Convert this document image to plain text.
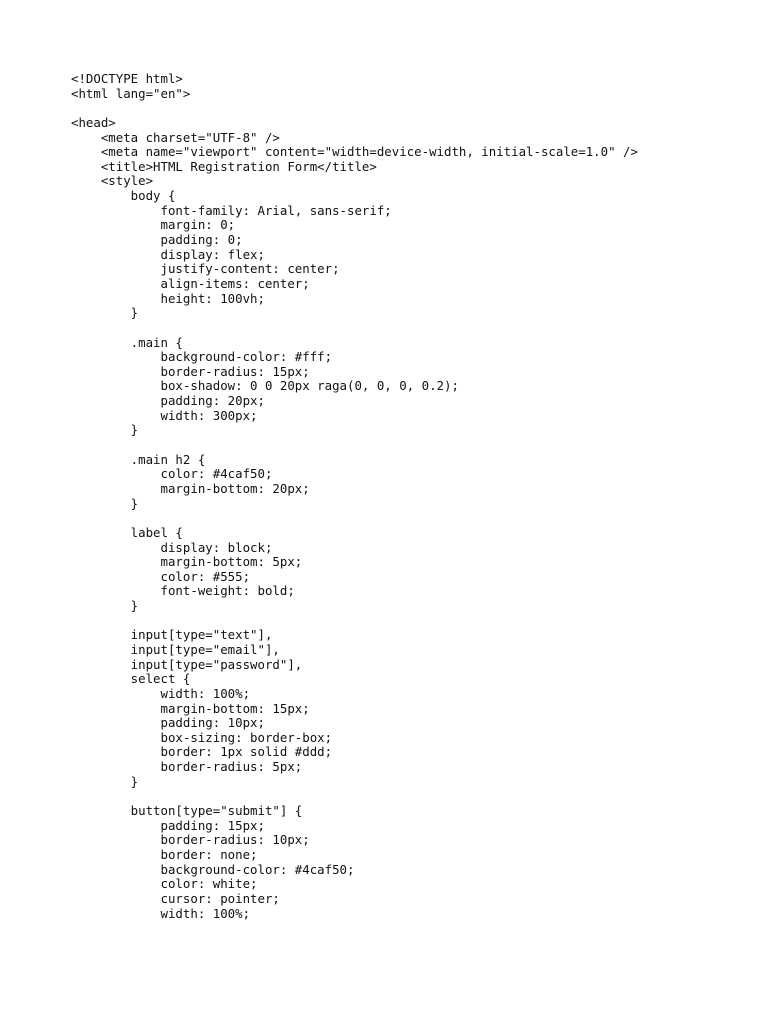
<!DOCTYPE html>
<html lang="en">
<head>
<meta charset="UTF-8" />
<meta name="viewport" content="width=device-width, initial-scale=1.0" />
<title>HTML Registration Form</title>
<style>
body {
font-family: Arial, sans-serif;
margin: 0;
padding: 0;
display: flex;
justify-content: center;
align-items: center;
height: 100vh;
}
.main {
background-color: #fff;
border-radius: 15px;
box-shadow: 0 0 20px raga(0, 0, 0, 0.2);
padding: 20px;
width: 300px;
}
.main h2 {
color: #4caf50;
margin-bottom: 20px;
}
label {
display: block;
margin-bottom: 5px;
color: #555;
font-weight: bold;
}
input[type="text"],
input[type="email"],
input[type="password"],
select {
width: 100%;
margin-bottom: 15px;
padding: 10px;
box-sizing: border-box;
border: 1px solid #ddd;
border-radius: 5px;
}
button[type="submit"] {
padding: 15px;
border-radius: 10px;
border: none;
background-color: #4caf50;
color: white;
cursor: pointer;
width: 100%;
